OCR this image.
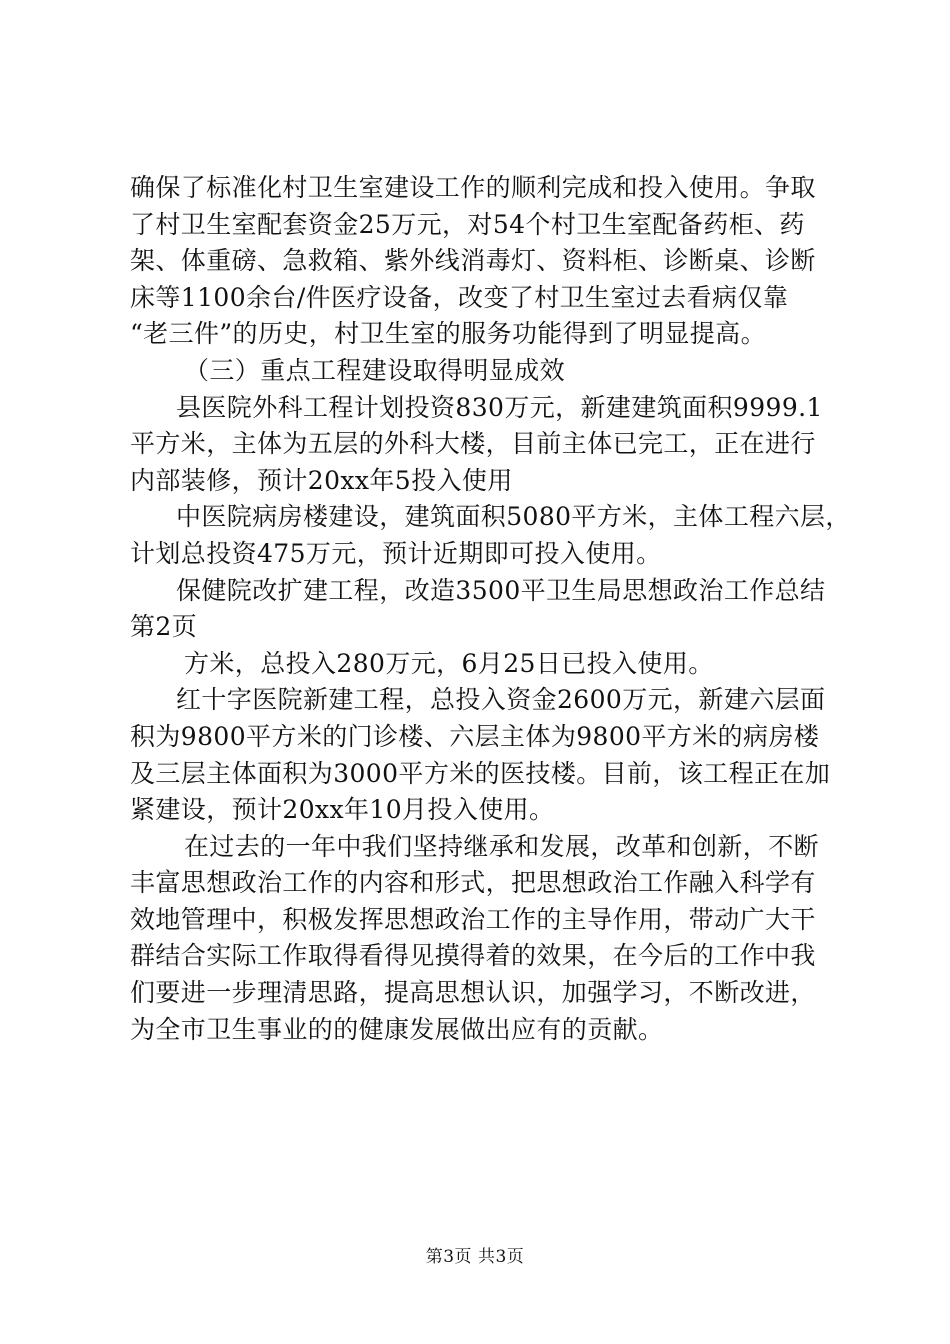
确保了标准化村卫生室建设工作的顺利完成和投入使用。争取
了村卫生室配套资金25万元，对54个村卫生室配备药柜、药
架、体重磅、急救箱、紫外线消毒灯、资料柜、诊断桌、诊断
床等1100余台/件医疗设备，改变了村卫生室过去看病仅靠
“老三件”的历史，村卫生室的服务功能得到了明显提高。
（三）重点工程建设取得明显成效
县医院外科工程计划投资830万元，新建建筑面积9999.1
平方米，主体为五层的外科大楼，目前主体已完工，正在进行
内部装修，预计20xx年5投入使用
中医院病房楼建设，建筑面积5080平方米，主体工程六层，
计划总投资475万元，预计近期即可投入使用。
保健院改扩建工程，改造3500平卫生局思想政治工作总结
第2页
方米，总投入280万元，6月25日已投入使用。
红十字医院新建工程，总投入资金2600万元，新建六层面
积为9800平方米的门诊楼、六层主体为9800平方米的病房楼
及三层主体面积为3000平方米的医技楼。目前，该工程正在加
紧建设，预计20xx年10月投入使用。
在过去的一年中我们坚持继承和发展，改革和创新，不断
丰富思想政治工作的内容和形式，把思想政治工作融入科学有
效地管理中，积极发挥思想政治工作的主导作用，带动广大干
群结合实际工作取得看得见摸得着的效果，在今后的工作中我
们要进一步理清思路，提高思想认识，加强学习，不断改进，
为全市卫生事业的的健康发展做出应有的贡献。
第3页 共3页
